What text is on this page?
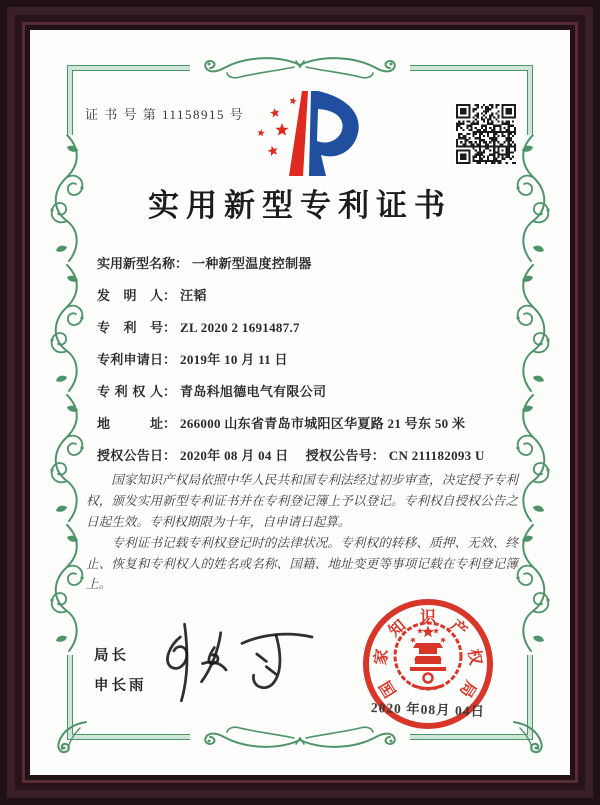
证 书 号 第 11158915 号
实用新型专利证书
实用新型名称： 一种新型温度控制器
发明人： 汪韬
专利号： ZL 2020 2 1691487.7
专利申请日： 2019年 10 月 11 日
专利权人： 青岛科旭德电气有限公司
地址： 266000 山东省青岛市城阳区华夏路 21 号东 50 米
授权公告日： 2020年 08 月 04 日 授权公告号： CN 211182093 U

国家知识产权局依照中华人民共和国专利法经过初步审查，决定授予专利权，颁发实用新型专利证书并在专利登记簿上予以登记。专利权自授权公告之日起生效。专利权期限为十年，自申请日起算。

专利证书记载专利权登记时的法律状况。专利权的转移、质押、无效、终止、恢复和专利权人的姓名或名称、国籍、地址变更等事项记载在专利登记簿上。

局长
申长雨	国
家
知 识 产
权
局
2020 年08月 04日
